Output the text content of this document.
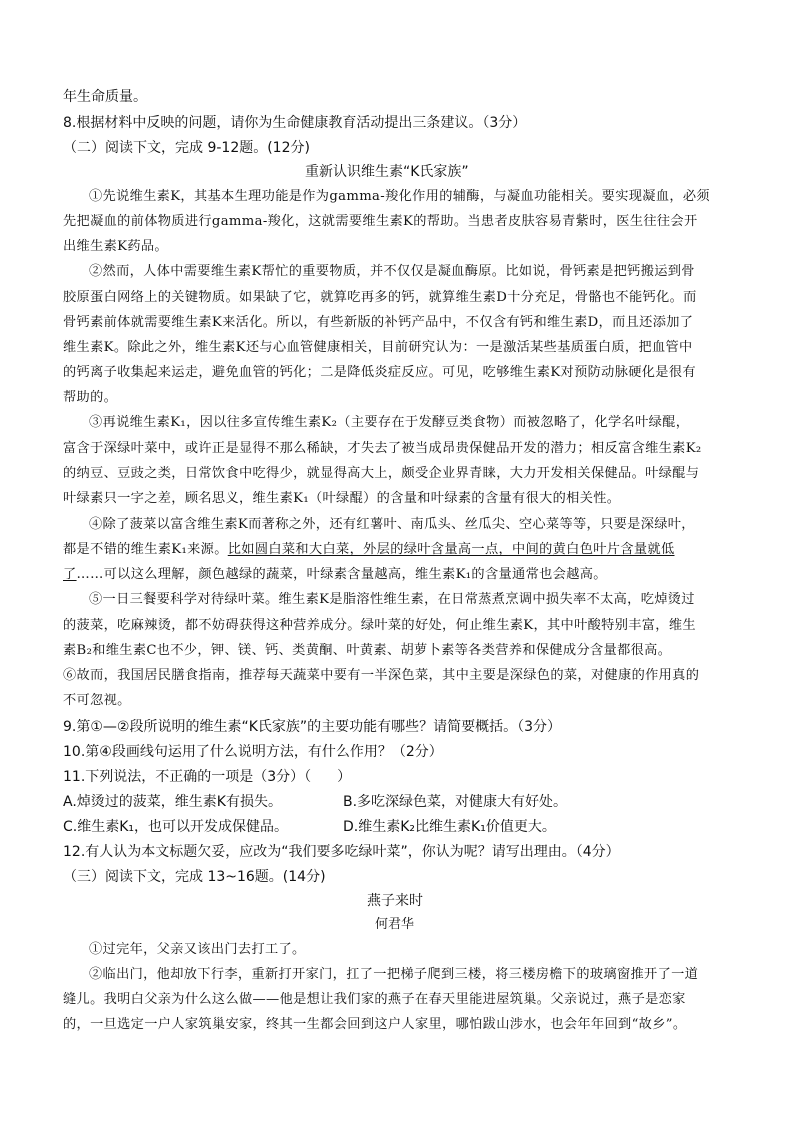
年生命质量。
8.根据材料中反映的问题，请你为生命健康教育活动提出三条建议。（3分）
（二）阅读下文，完成 9-12题。(12分)
重新认识维生素“K氏家族”
①先说维生素K，其基本生理功能是作为gamma-羧化作用的辅酶，与凝血功能相关。要实现凝血，必须
先把凝血的前体物质进行gamma-羧化，这就需要维生素K的帮助。当患者皮肤容易青紫时，医生往往会开
出维生素K药品。
②然而，人体中需要维生素K帮忙的重要物质，并不仅仅是凝血酶原。比如说，骨钙素是把钙搬运到骨
胶原蛋白网络上的关键物质。如果缺了它，就算吃再多的钙，就算维生素D十分充足，骨骼也不能钙化。而
骨钙素前体就需要维生素K来活化。所以，有些新版的补钙产品中，不仅含有钙和维生素D，而且还添加了
维生素K。除此之外，维生素K还与心血管健康相关，目前研究认为：一是激活某些基质蛋白质，把血管中
的钙离子收集起来运走，避免血管的钙化；二是降低炎症反应。可见，吃够维生素K对预防动脉硬化是很有
帮助的。
③再说维生素K₁，因以往多宣传维生素K₂（主要存在于发酵豆类食物）而被忽略了，化学名叶绿醌，
富含于深绿叶菜中，或许正是显得不那么稀缺，才失去了被当成昂贵保健品开发的潜力；相反富含维生素K₂
的纳豆、豆豉之类，日常饮食中吃得少，就显得高大上，颇受企业界青睐，大力开发相关保健品。叶绿醌与
叶绿素只一字之差，顾名思义，维生素K₁（叶绿醌）的含量和叶绿素的含量有很大的相关性。
④除了菠菜以富含维生素K而著称之外，还有红薯叶、南瓜头、丝瓜尖、空心菜等等，只要是深绿叶，
都是不错的维生素K₁来源。比如圆白菜和大白菜，外层的绿叶含量高一点，中间的黄白色叶片含量就低
了……可以这么理解，颜色越绿的蔬菜，叶绿素含量越高，维生素K₁的含量通常也会越高。
⑤一日三餐要科学对待绿叶菜。维生素K是脂溶性维生素，在日常蒸煮烹调中损失率不太高，吃焯烫过
的菠菜，吃麻辣烫，都不妨碍获得这种营养成分。绿叶菜的好处，何止维生素K，其中叶酸特别丰富，维生
素B₂和维生素C也不少，钾、镁、钙、类黄酮、叶黄素、胡萝卜素等各类营养和保健成分含量都很高。
⑥故而，我国居民膳食指南，推荐每天蔬菜中要有一半深色菜，其中主要是深绿色的菜，对健康的作用真的
不可忽视。
9.第①—②段所说明的维生素“K氏家族”的主要功能有哪些？请简要概括。（3分）
10.第④段画线句运用了什么说明方法，有什么作用？（2分）
11.下列说法，不正确的一项是（3分）（ ）
A.焯烫过的菠菜，维生素K有损失。	B.多吃深绿色菜，对健康大有好处。
C.维生素K₁，也可以开发成保健品。	D.维生素K₂比维生素K₁价值更大。
12.有人认为本文标题欠妥，应改为“我们要多吃绿叶菜”，你认为呢？请写出理由。（4分）
（三）阅读下文，完成 13~16题。(14分)
燕子来时
何君华
①过完年，父亲又该出门去打工了。
②临出门，他却放下行李，重新打开家门，扛了一把梯子爬到三楼，将三楼房檐下的玻璃窗推开了一道
缝儿。我明白父亲为什么这么做——他是想让我们家的燕子在春天里能进屋筑巢。父亲说过，燕子是恋家
的，一旦选定一户人家筑巢安家，终其一生都会回到这户人家里，哪怕跋山涉水，也会年年回到“故乡”。
